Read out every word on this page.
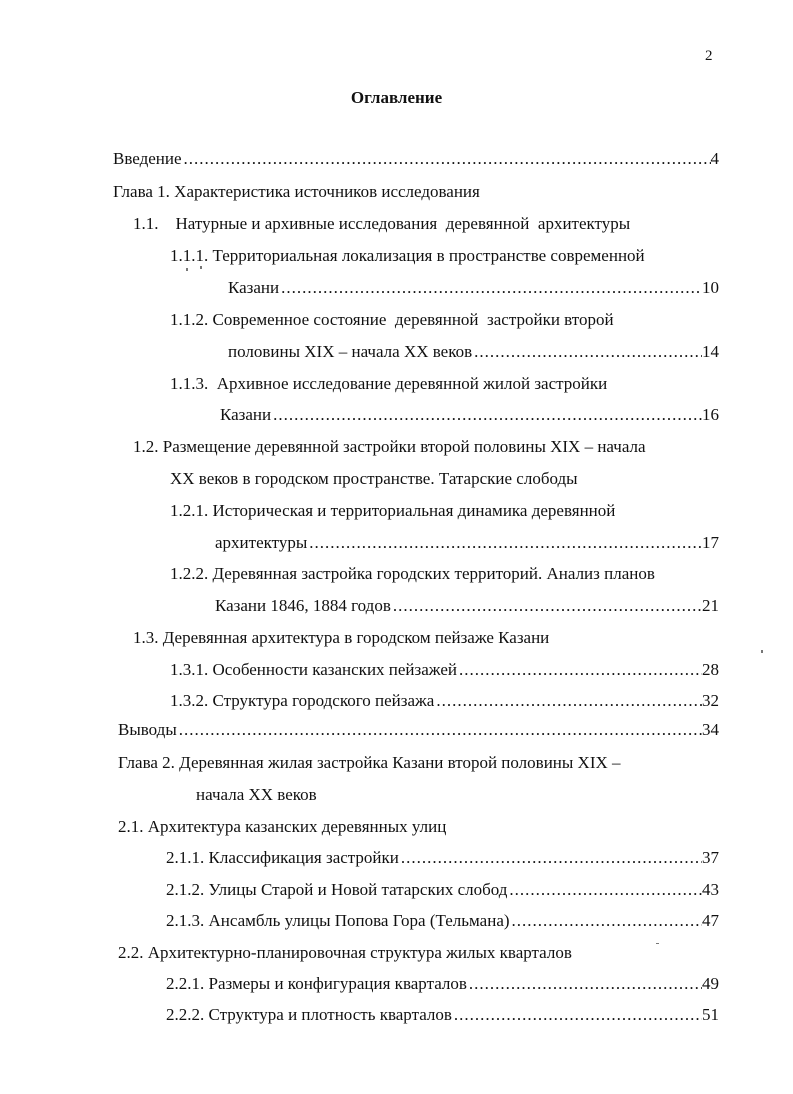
2
Оглавление
Введение .....	4
Глава 1. Характеристика источников исследования
1.1.    Натурные и архивные исследования  деревянной  архитектуры
1.1.1. Территориальная локализация в пространстве современной
Казани .....	10
1.1.2. Современное состояние  деревянной  застройки второй
половины XIX – начала XX веков .....	14
1.1.3.  Архивное исследование деревянной жилой застройки
Казани .....	16
1.2. Размещение деревянной застройки второй половины XIX – начала
XX веков в городском пространстве. Татарские слободы
1.2.1. Историческая и территориальная динамика деревянной
архитектуры .....	17
1.2.2. Деревянная застройка городских территорий. Анализ планов
Казани 1846, 1884 годов .....	21
1.3. Деревянная архитектура в городском пейзаже Казани
1.3.1. Особенности казанских пейзажей .....	28
1.3.2. Структура городского пейзажа .....	32
Выводы .....	34
Глава 2. Деревянная жилая застройка Казани второй половины XIX –
начала XX веков
2.1. Архитектура казанских деревянных улиц
2.1.1. Классификация застройки .....	37
2.1.2. Улицы Старой и Новой татарских слобод .....	43
2.1.3. Ансамбль улицы Попова Гора (Тельмана) .....	47
2.2. Архитектурно-планировочная структура жилых кварталов
2.2.1. Размеры и конфигурация кварталов .....	49
2.2.2. Структура и плотность кварталов .....	51
